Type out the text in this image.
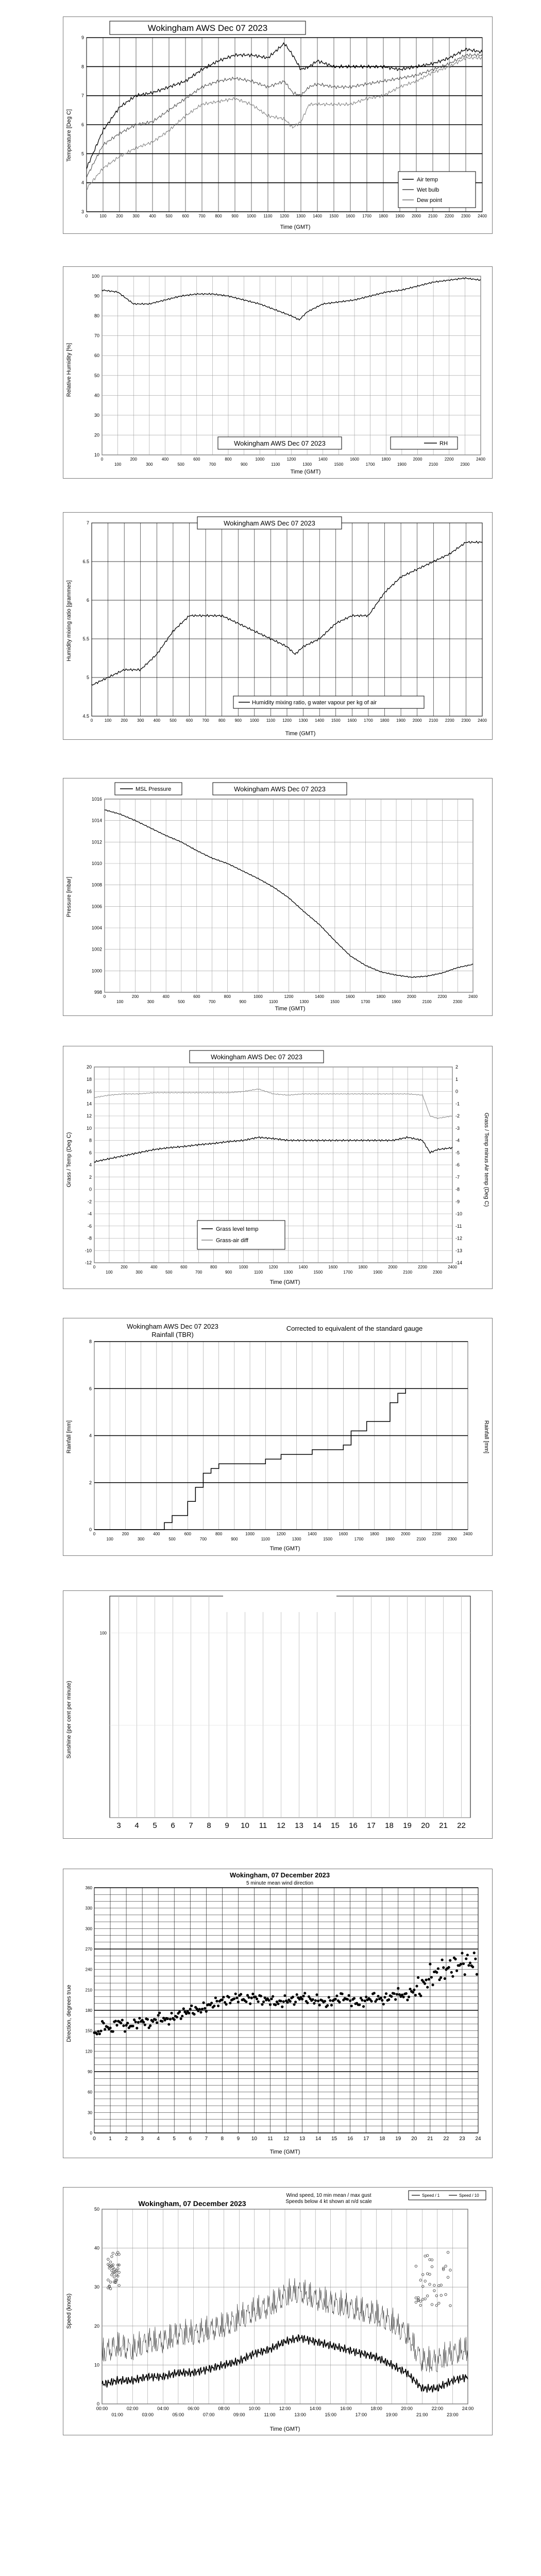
Wokingham AWS Dec 07 2023
Temperature [Deg C]
Time (GMT)
3
4
5
6
7
8
9
0	100 200 300 400 500 600 700 800 900 1000 1100 1200 1300 1400 1500 1600 1700 1800 1900 2000 2100 2200 2300 2400
Air temp
Wet bulb
Dew point
Relative Humidity [%]
Time (GMT)
10
20
30
40
50
60
70
80
90
100
0
100
200
300
400
500
600
700
800
900
1000
1100
1200
1300
1400
1500
1600
1700
1800
1900
2000
2100
2200
2300
2400
Wokingham AWS Dec 07 2023	RH
Humidity mixing ratio [grammes]
Time (GMT)
4.5
5
5.5
6
6.5
7
0	100 200 300 400 500 600 700 800 900 1000 1100 1200 1300 1400 1500 1600 1700 1800 1900 2000 2100 2200 2300 2400
Wokingham AWS Dec 07 2023
Humidity mixing ratio, g water vapour per kg of air
Pressure [mbar]
Time (GMT)
998
1000
1002
1004
1006
1008
1010
1012
1014
1016
0
100
200
300
400
500
600
700
800
900
1000
1100
1200
1300
1400
1500
1600
1700
1800
1900
2000
2100
2200
2300
2400
MSL Pressure	Wokingham AWS Dec 07 2023
Grass / Temp (Deg C)	Grass / Temp minus Air temp (Deg C)
Time (GMT)
-12
-10
-8
-6
-4
-2
0
2
4
6
8
10
12
14
16
18
20
-14
-13
-12
-11
-10
-9
-8
-7
-6
-5
-4
-3
-2
-1
0
1
2
0
100
200
300
400
500
600
700
800
900
1000
1100
1200
1300
1400
1500
1600
1700
1800
1900
2000
2100
2200
2300
2400
Wokingham AWS Dec 07 2023
Grass level temp
Grass-air diff
Wokingham AWS Dec 07 2023
Rainfall (TBR)
Corrected to equivalent of the standard gauge
Rainfall [mm]	Rainfall [mm]
Time (GMT)
0
2
4
6
8
0
100
200
300
400
500
600
700
800
900
1000
1100
1200
1300
1400
1500
1600
1700
1800
1900
2000
2100
2200
2300
2400
Sunshine (per cent per minute)
3 4 5 6 7 8 9 10 11 12 13 14 15 16 17 18 19 20 21 22
100
Wokingham, 07 December 2023
5 minute mean wind direction
Direction, degrees true
Time (GMT)
0
30
60
90
120
150
180
210
240
270
300
330
360
0	1	2	3	4	5	6	7	8	9 10 11 12 13 14 15 16 17 18 19 20 21 22 23 24
Wokingham, 07 December 2023
Wind speed, 10 min mean / max gust
Speeds below 4 kt shown at n/d scale
Speed (knots)
Time (GMT)
0
10
20
30
40
50
00:00
01:00
02:00
03:00
04:00
05:00
06:00
07:00
08:00
09:00
10:00
11:00
12:00
13:00
14:00
15:00
16:00
17:00
18:00
19:00
20:00
21:00
22:00
23:00
24:00
Speed / 1	Speed / 10
